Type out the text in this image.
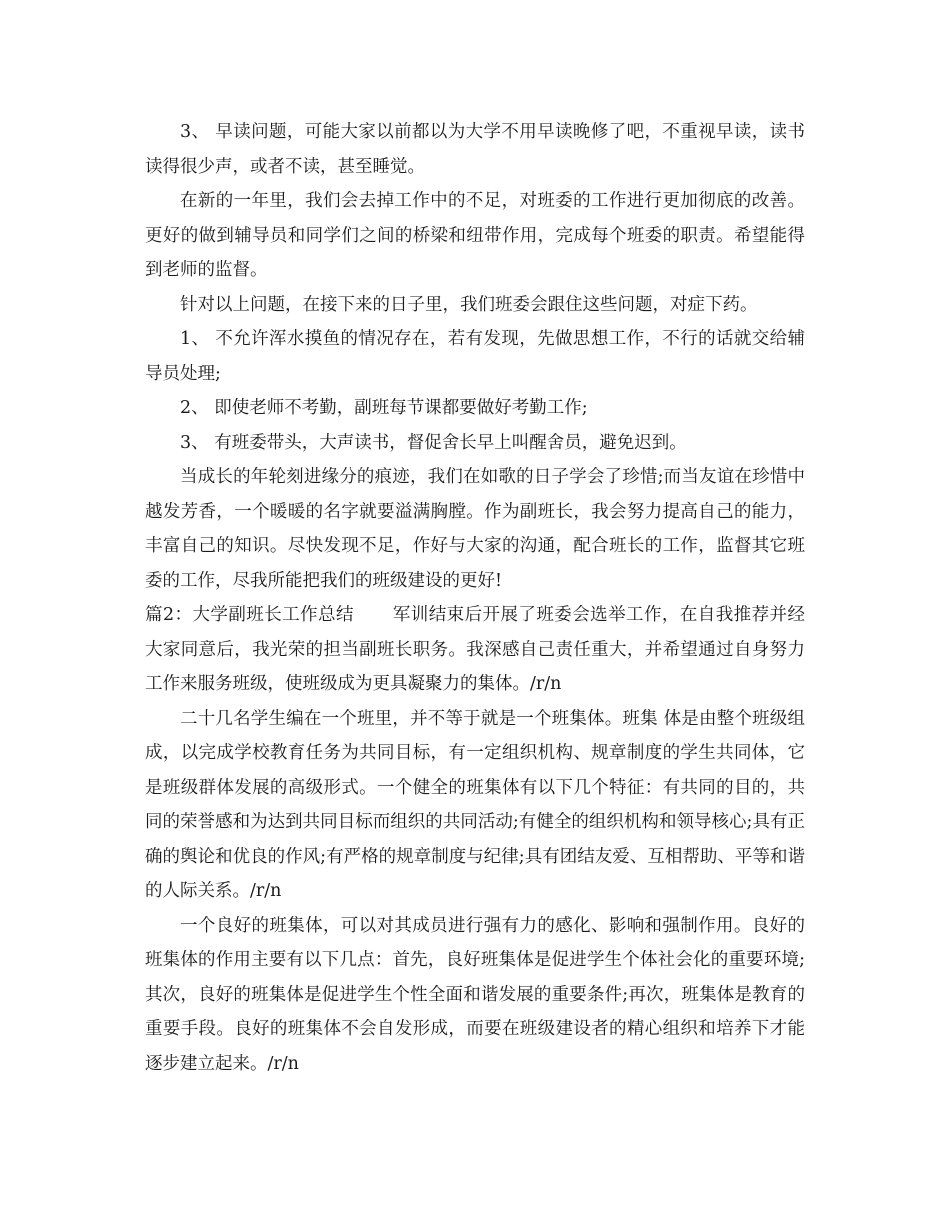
3、 早读问题，可能大家以前都以为大学不用早读晚修了吧，不重视早读，读书读得很少声，或者不读，甚至睡觉。

在新的一年里，我们会去掉工作中的不足，对班委的工作进行更加彻底的改善。更好的做到辅导员和同学们之间的桥梁和纽带作用，完成每个班委的职责。希望能得到老师的监督。

针对以上问题，在接下来的日子里，我们班委会跟住这些问题，对症下药。

1、 不允许浑水摸鱼的情况存在，若有发现，先做思想工作，不行的话就交给辅导员处理;

2、 即使老师不考勤，副班每节课都要做好考勤工作;

3、 有班委带头，大声读书，督促舍长早上叫醒舍员，避免迟到。

当成长的年轮刻进缘分的痕迹，我们在如歌的日子学会了珍惜;而当友谊在珍惜中越发芳香，一个暖暖的名字就要溢满胸膛。作为副班长，我会努力提高自己的能力，丰富自己的知识。尽快发现不足，作好与大家的沟通，配合班长的工作，监督其它班委的工作，尽我所能把我们的班级建设的更好!

篇2：大学副班长工作总结 军训结束后开展了班委会选举工作，在自我推荐并经大家同意后，我光荣的担当副班长职务。我深感自己责任重大，并希望通过自身努力工作来服务班级，使班级成为更具凝聚力的集体。/r/n

二十几名学生编在一个班里，并不等于就是一个班集体。班集 体是由整个班级组成，以完成学校教育任务为共同目标，有一定组织机构、规章制度的学生共同体，它是班级群体发展的高级形式。一个健全的班集体有以下几个特征：有共同的目的，共同的荣誉感和为达到共同目标而组织的共同活动;有健全的组织机构和领导核心;具有正确的舆论和优良的作风;有严格的规章制度与纪律;具有团结友爱、互相帮助、平等和谐的人际关系。/r/n

一个良好的班集体，可以对其成员进行强有力的感化、影响和强制作用。良好的班集体的作用主要有以下几点：首先，良好班集体是促进学生个体社会化的重要环境;其次，良好的班集体是促进学生个性全面和谐发展的重要条件;再次，班集体是教育的重要手段。良好的班集体不会自发形成，而要在班级建设者的精心组织和培养下才能逐步建立起来。/r/n
